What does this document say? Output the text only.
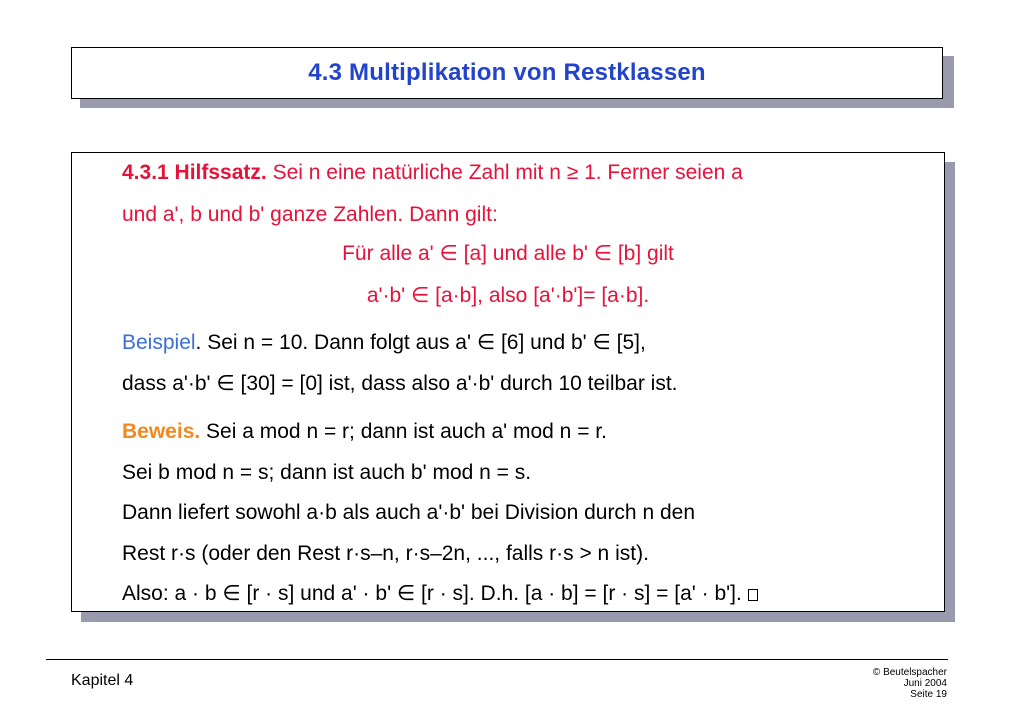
4.3 Multiplikation von Restklassen
4.3.1 Hilfssatz. Sei n eine natürliche Zahl mit n ≥ 1. Ferner seien a
und a', b und b' ganze Zahlen. Dann gilt:
Für alle a' ∈ [a] und alle b' ∈ [b] gilt
a'·b' ∈ [a·b], also [a'·b']= [a·b].
Beispiel. Sei n = 10. Dann folgt aus a' ∈ [6] und b' ∈ [5],
dass a'·b' ∈ [30] = [0] ist, dass also a'·b' durch 10 teilbar ist.
Beweis. Sei a mod n = r; dann ist auch a' mod n = r.
Sei b mod n = s; dann ist auch b' mod n = s.
Dann liefert sowohl a·b als auch a'·b' bei Division durch n den
Rest r·s (oder den Rest r·s–n, r·s–2n, ..., falls r·s > n ist).
Also: a · b ∈ [r · s] und a' · b' ∈ [r · s]. D.h. [a · b] = [r · s] = [a' · b'].
Kapitel 4	© Beutelspacher
Juni 2004
Seite 19
